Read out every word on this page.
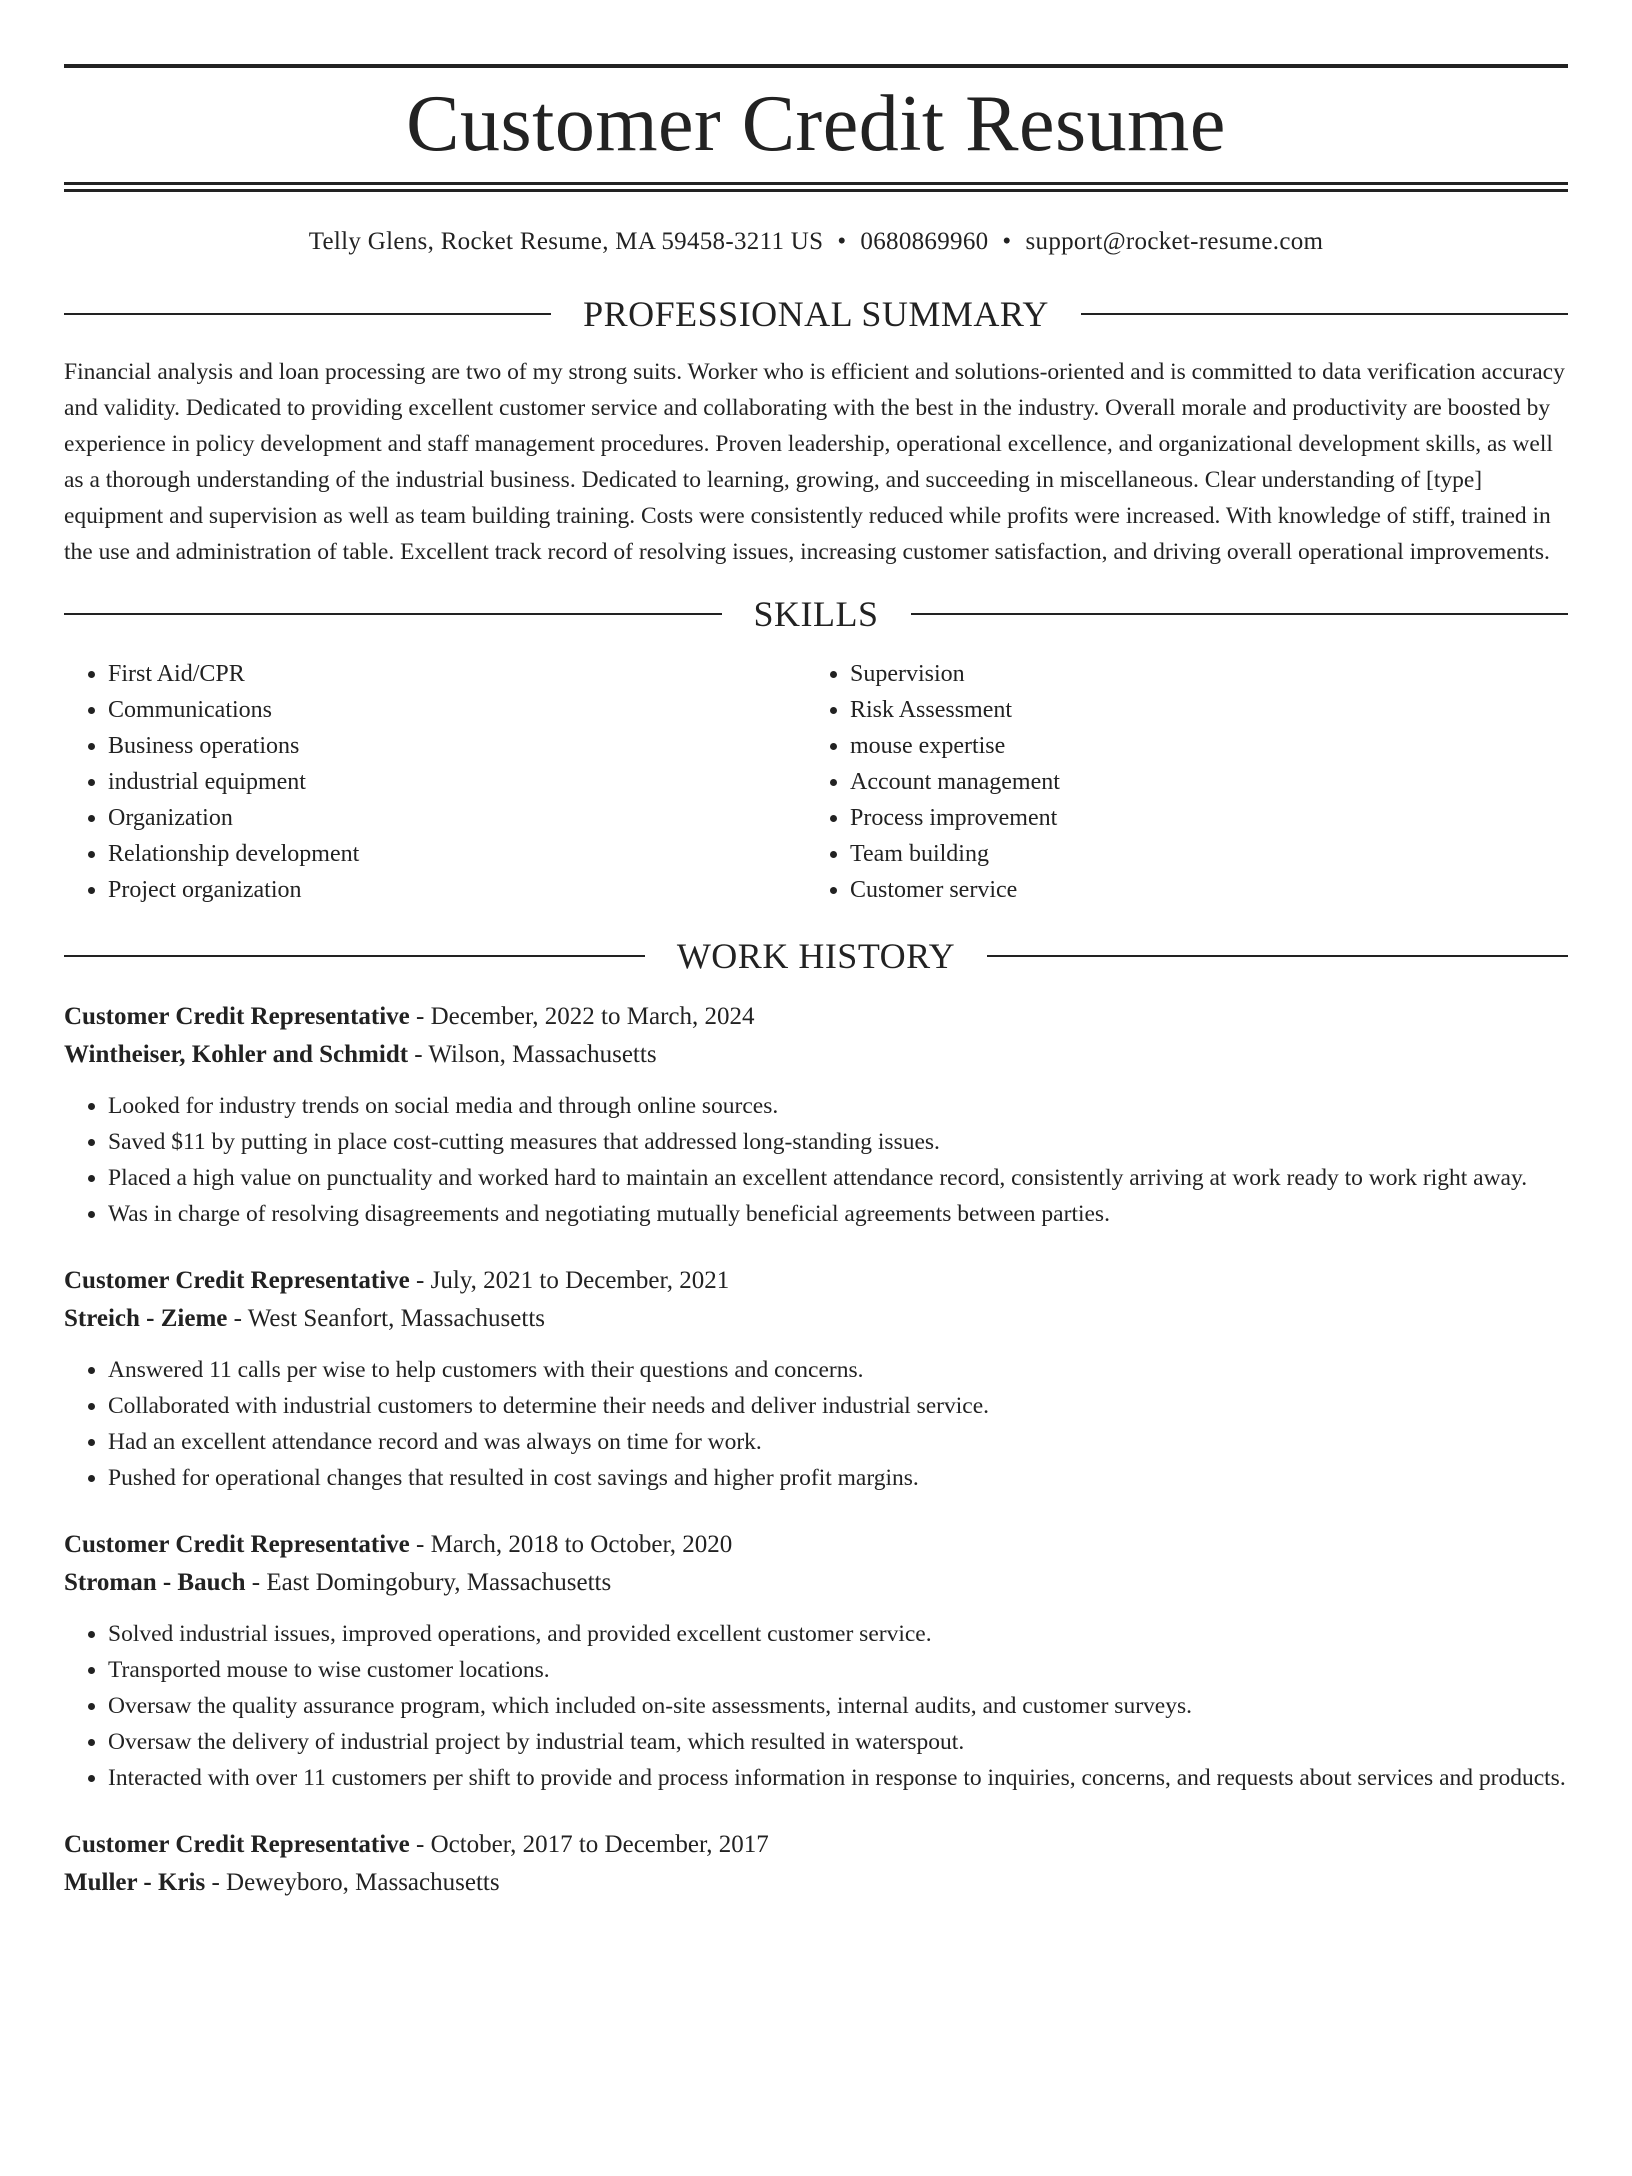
Customer Credit Resume
Telly Glens, Rocket Resume, MA 59458-3211 US • 0680869960 • support@rocket-resume.com
PROFESSIONAL SUMMARY

Financial analysis and loan processing are two of my strong suits. Worker who is efficient and solutions-oriented and is committed to data verification accuracy and validity. Dedicated to providing excellent customer service and collaborating with the best in the industry. Overall morale and productivity are boosted by experience in policy development and staff management procedures. Proven leadership, operational excellence, and organizational development skills, as well as a thorough understanding of the industrial business. Dedicated to learning, growing, and succeeding in miscellaneous. Clear understanding of [type] equipment and supervision as well as team building training. Costs were consistently reduced while profits were increased. With knowledge of stiff, trained in the use and administration of table. Excellent track record of resolving issues, increasing customer satisfaction, and driving overall operational improvements.

SKILLS
• First Aid/CPR
• Communications
• Business operations
• industrial equipment
• Organization
• Relationship development
• Project organization
• Supervision
• Risk Assessment
• mouse expertise
• Account management
• Process improvement
• Team building
• Customer service
WORK HISTORY
Customer Credit Representative - December, 2022 to March, 2024
Wintheiser, Kohler and Schmidt - Wilson, Massachusetts
• Looked for industry trends on social media and through online sources.
• Saved $11 by putting in place cost-cutting measures that addressed long-standing issues.
• Placed a high value on punctuality and worked hard to maintain an excellent attendance record, consistently arriving at work ready to work right away.
• Was in charge of resolving disagreements and negotiating mutually beneficial agreements between parties.
Customer Credit Representative - July, 2021 to December, 2021
Streich - Zieme - West Seanfort, Massachusetts
• Answered 11 calls per wise to help customers with their questions and concerns.
• Collaborated with industrial customers to determine their needs and deliver industrial service.
• Had an excellent attendance record and was always on time for work.
• Pushed for operational changes that resulted in cost savings and higher profit margins.
Customer Credit Representative - March, 2018 to October, 2020
Stroman - Bauch - East Domingobury, Massachusetts
• Solved industrial issues, improved operations, and provided excellent customer service.
• Transported mouse to wise customer locations.
• Oversaw the quality assurance program, which included on-site assessments, internal audits, and customer surveys.
• Oversaw the delivery of industrial project by industrial team, which resulted in waterspout.
• Interacted with over 11 customers per shift to provide and process information in response to inquiries, concerns, and requests about services and products.
Customer Credit Representative - October, 2017 to December, 2017
Muller - Kris - Deweyboro, Massachusetts
